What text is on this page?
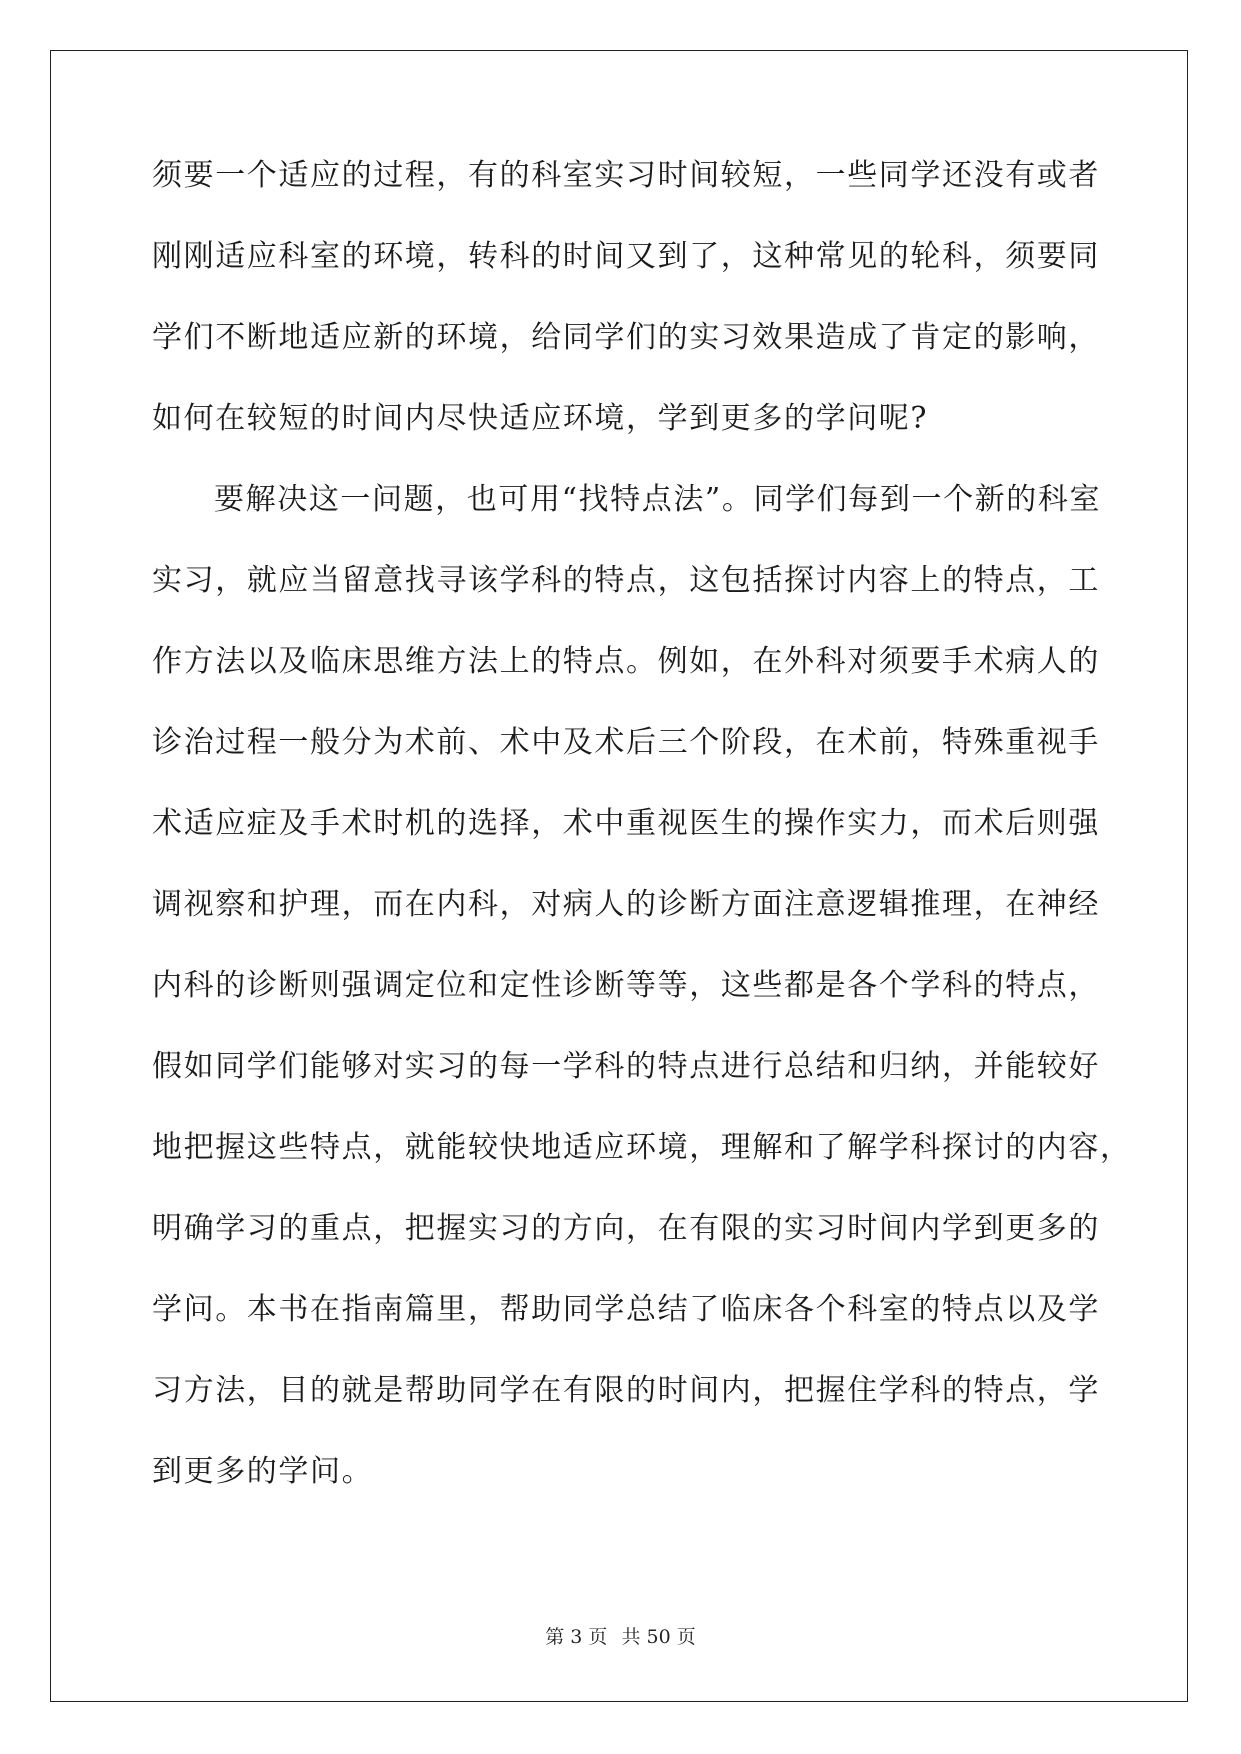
须要一个适应的过程，有的科室实习时间较短，一些同学还没有或者
刚刚适应科室的环境，转科的时间又到了，这种常见的轮科，须要同
学们不断地适应新的环境，给同学们的实习效果造成了肯定的影响，
如何在较短的时间内尽快适应环境，学到更多的学问呢?
要解决这一问题，也可用“找特点法”。同学们每到一个新的科室
实习，就应当留意找寻该学科的特点，这包括探讨内容上的特点，工
作方法以及临床思维方法上的特点。例如，在外科对须要手术病人的
诊治过程一般分为术前、术中及术后三个阶段，在术前，特殊重视手
术适应症及手术时机的选择，术中重视医生的操作实力，而术后则强
调视察和护理，而在内科，对病人的诊断方面注意逻辑推理，在神经
内科的诊断则强调定位和定性诊断等等，这些都是各个学科的特点，
假如同学们能够对实习的每一学科的特点进行总结和归纳，并能较好
地把握这些特点，就能较快地适应环境，理解和了解学科探讨的内容，
明确学习的重点，把握实习的方向，在有限的实习时间内学到更多的
学问。本书在指南篇里，帮助同学总结了临床各个科室的特点以及学
习方法，目的就是帮助同学在有限的时间内，把握住学科的特点，学
到更多的学问。
第 3 页 共 50 页
